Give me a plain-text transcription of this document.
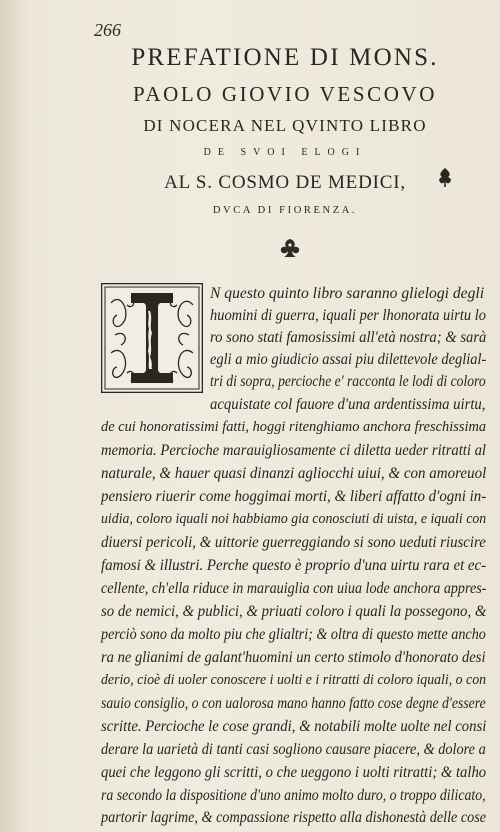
266
PREFATIONE DI MONS.
PAOLO GIOVIO VESCOVO
DI NOCERA NEL QVINTO LIBRO
DE SVOI ELOGI
AL S. COSMO DE MEDICI,
DVCA DI FIORENZA.
N questo quinto libro saranno glielogi degli
huomini di guerra, iquali per lhonorata uirtu lo
ro sono stati famosissimi all'età nostra; & sarà
egli a mio giudicio assai piu dilettevole deglial-
tri di sopra, percioche e' racconta le lodi di coloro
acquistate col fauore d'una ardentissima uirtu,
de cui honoratissimi fatti, hoggi ritenghiamo anchora freschissima
memoria. Percioche marauigliosamente ci diletta ueder ritratti al
naturale, & hauer quasi dinanzi agliocchi uiui, & con amoreuol
pensiero riuerir come hoggimai morti, & liberi affatto d'ogni in-
uidia, coloro iquali noi habbiamo gia conosciuti di uista, e iquali con
diuersi pericoli, & uittorie guerreggiando si sono ueduti riuscire
famosi & illustri. Perche questo è proprio d'una uirtu rara et ec-
cellente, ch'ella riduce in marauiglia con uiua lode anchora appres-
so de nemici, & publici, & priuati coloro i quali la possegono, &
perciò sono da molto piu che glialtri; & oltra di questo mette ancho
ra ne glianimi de galant'huomini un certo stimolo d'honorato desi
derio, cioè di uoler conoscere i uolti e i ritratti di coloro iquali, o con
sauio consiglio, o con ualorosa mano hanno fatto cose degne d'essere
scritte. Percioche le cose grandi, & notabili molte uolte nel consi
derare la uarietà di tanti casi sogliono causare piacere, & dolore a
quei che leggono gli scritti, o che ueggono i uolti ritratti; & talho
ra secondo la dispositione d'uno animo molto duro, o troppo dilicato,
partorir lagrime, & compassione rispetto alla dishonestà delle cose
